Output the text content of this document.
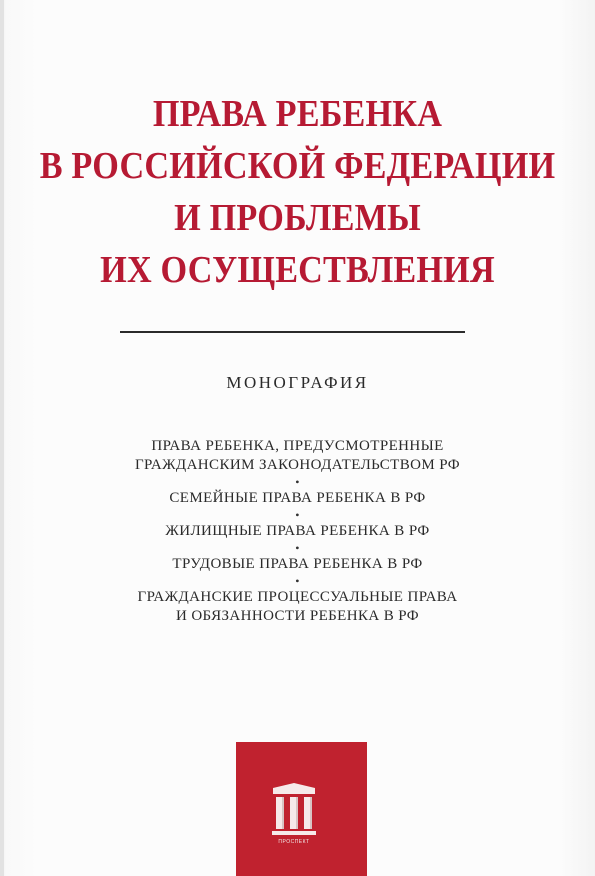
ПРАВА РЕБЕНКА
В РОССИЙСКОЙ ФЕДЕРАЦИИ
И ПРОБЛЕМЫ
ИХ ОСУЩЕСТВЛЕНИЯ
МОНОГРАФИЯ
ПРАВА РЕБЕНКА, ПРЕДУСМОТРЕННЫЕ
ГРАЖДАНСКИМ ЗАКОНОДАТЕЛЬСТВОМ РФ
•
СЕМЕЙНЫЕ ПРАВА РЕБЕНКА В РФ
•
ЖИЛИЩНЫЕ ПРАВА РЕБЕНКА В РФ
•
ТРУДОВЫЕ ПРАВА РЕБЕНКА В РФ
•
ГРАЖДАНСКИЕ ПРОЦЕССУАЛЬНЫЕ ПРАВА
И ОБЯЗАННОСТИ РЕБЕНКА В РФ
ПРОСПЕКТ
